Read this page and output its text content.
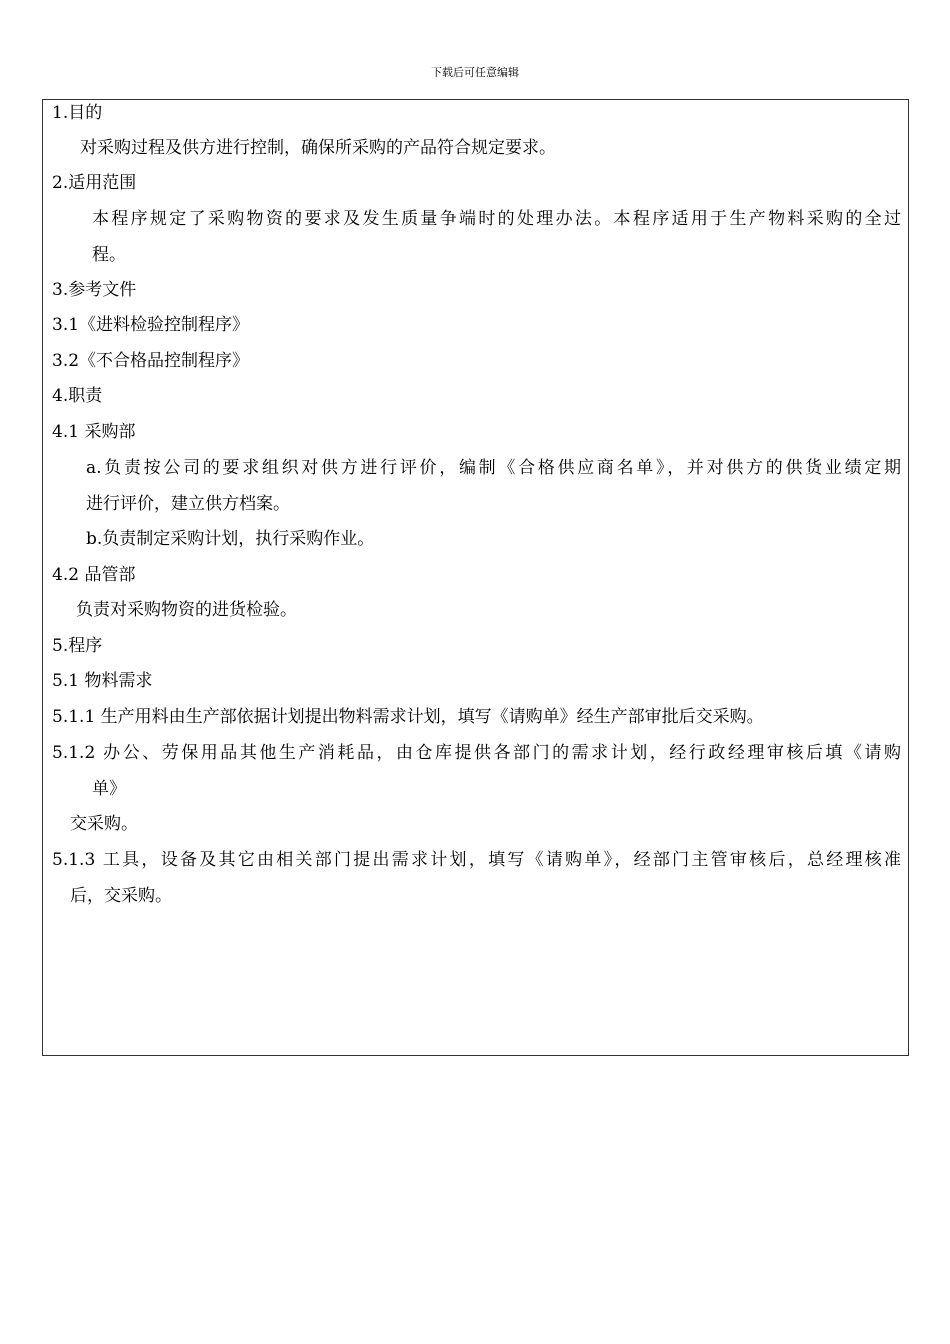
下载后可任意编辑
1.目的
对采购过程及供方进行控制，确保所采购的产品符合规定要求。
2.适用范围
本程序规定了采购物资的要求及发生质量争端时的处理办法。本程序适用于生产物料采购的全过
程。
3.参考文件
3.1《进料检验控制程序》
3.2《不合格品控制程序》
4.职责
4.1 采购部
a.负责按公司的要求组织对供方进行评价，编制《合格供应商名单》，并对供方的供货业绩定期
进行评价，建立供方档案。
b.负责制定采购计划，执行采购作业。
4.2 品管部
负责对采购物资的进货检验。
5.程序
5.1 物料需求
5.1.1 生产用料由生产部依据计划提出物料需求计划，填写《请购单》经生产部审批后交采购。
5.1.2 办公、劳保用品其他生产消耗品，由仓库提供各部门的需求计划，经行政经理审核后填《请购
单》
交采购。
5.1.3 工具，设备及其它由相关部门提出需求计划，填写《请购单》，经部门主管审核后，总经理核准
后，交采购。
